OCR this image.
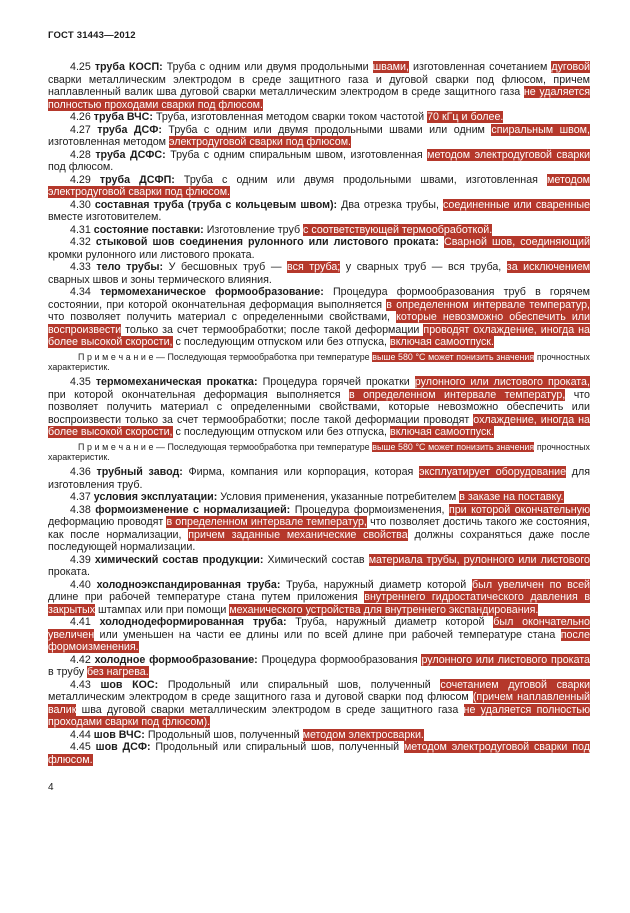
ГОСТ 31443—2012

4.25 труба КОСП: Труба с одним или двумя продольными швами, изготовленная сочетанием дуговой сварки металлическим электродом в среде защитного газа и дуговой сварки под флюсом, причем наплавленный валик шва дуговой сварки металлическим электродом в среде защитного газа не удаляется полностью проходами сварки под флюсом.

4.26 труба ВЧС: Труба, изготовленная методом сварки током частотой 70 кГц и более.

4.27 труба ДСФ: Труба с одним или двумя продольными швами или одним спиральным швом, изготовленная методом электродуговой сварки под флюсом.

4.28 труба ДСФС: Труба с одним спиральным швом, изготовленная методом электродуговой сварки под флюсом.

4.29 труба ДСФП: Труба с одним или двумя продольными швами, изготовленная методом электродуговой сварки под флюсом.

4.30 составная труба (труба с кольцевым швом): Два отрезка трубы, соединенные или сваренные вместе изготовителем.

4.31 состояние поставки: Изготовление труб с соответствующей термообработкой.

4.32 стыковой шов соединения рулонного или листового проката: Сварной шов, соединяющий кромки рулонного или листового проката.

4.33 тело трубы: У бесшовных труб — вся труба; у сварных труб — вся труба, за исключением сварных швов и зоны термического влияния.

4.34 термомеханическое формообразование: Процедура формообразования труб в горячем состоянии, при которой окончательная деформация выполняется в определенном интервале температур, что позволяет получить материал с определенными свойствами, которые невозможно обеспечить или воспроизвести только за счет термообработки; после такой деформации проводят охлаждение, иногда на более высокой скорости, с последующим отпуском или без отпуска, включая самоотпуск.

П р и м е ч а н и е — Последующая термообработка при температуре выше 580 °С может понизить значения прочностных характеристик.

4.35 термомеханическая прокатка: Процедура горячей прокатки рулонного или листового проката, при которой окончательная деформация выполняется в определенном интервале температур, что позволяет получить материал с определенными свойствами, которые невозможно обеспечить или воспроизвести только за счет термообработки; после такой деформации проводят охлаждение, иногда на более высокой скорости, с последующим отпуском или без отпуска, включая самоотпуск.

П р и м е ч а н и е — Последующая термообработка при температуре выше 580 °С может понизить значения прочностных характеристик.

4.36 трубный завод: Фирма, компания или корпорация, которая эксплуатирует оборудование для изготовления труб.

4.37 условия эксплуатации: Условия применения, указанные потребителем в заказе на поставку.

4.38 формоизменение с нормализацией: Процедура формоизменения, при которой окончательную деформацию проводят в определенном интервале температур, что позволяет достичь такого же состояния, как после нормализации, причем заданные механические свойства должны сохраняться даже после последующей нормализации.

4.39 химический состав продукции: Химический состав материала трубы, рулонного или листового проката.

4.40 холодноэкспандированная труба: Труба, наружный диаметр которой был увеличен по всей длине при рабочей температуре стана путем приложения внутреннего гидростатического давления в закрытых штампах или при помощи механического устройства для внутреннего экспандирования.

4.41 холоднодеформированная труба: Труба, наружный диаметр которой был окончательно увеличен или уменьшен на части ее длины или по всей длине при рабочей температуре стана после формоизменения.

4.42 холодное формообразование: Процедура формообразования рулонного или листового проката в трубу без нагрева.

4.43 шов КОС: Продольный или спиральный шов, полученный сочетанием дуговой сварки металлическим электродом в среде защитного газа и дуговой сварки под флюсом (причем наплавленный валик шва дуговой сварки металлическим электродом в среде защитного газа не удаляется полностью проходами сварки под флюсом).

4.44 шов ВЧС: Продольный шов, полученный методом электросварки.

4.45 шов ДСФ: Продольный или спиральный шов, полученный методом электродуговой сварки под флюсом.

4
